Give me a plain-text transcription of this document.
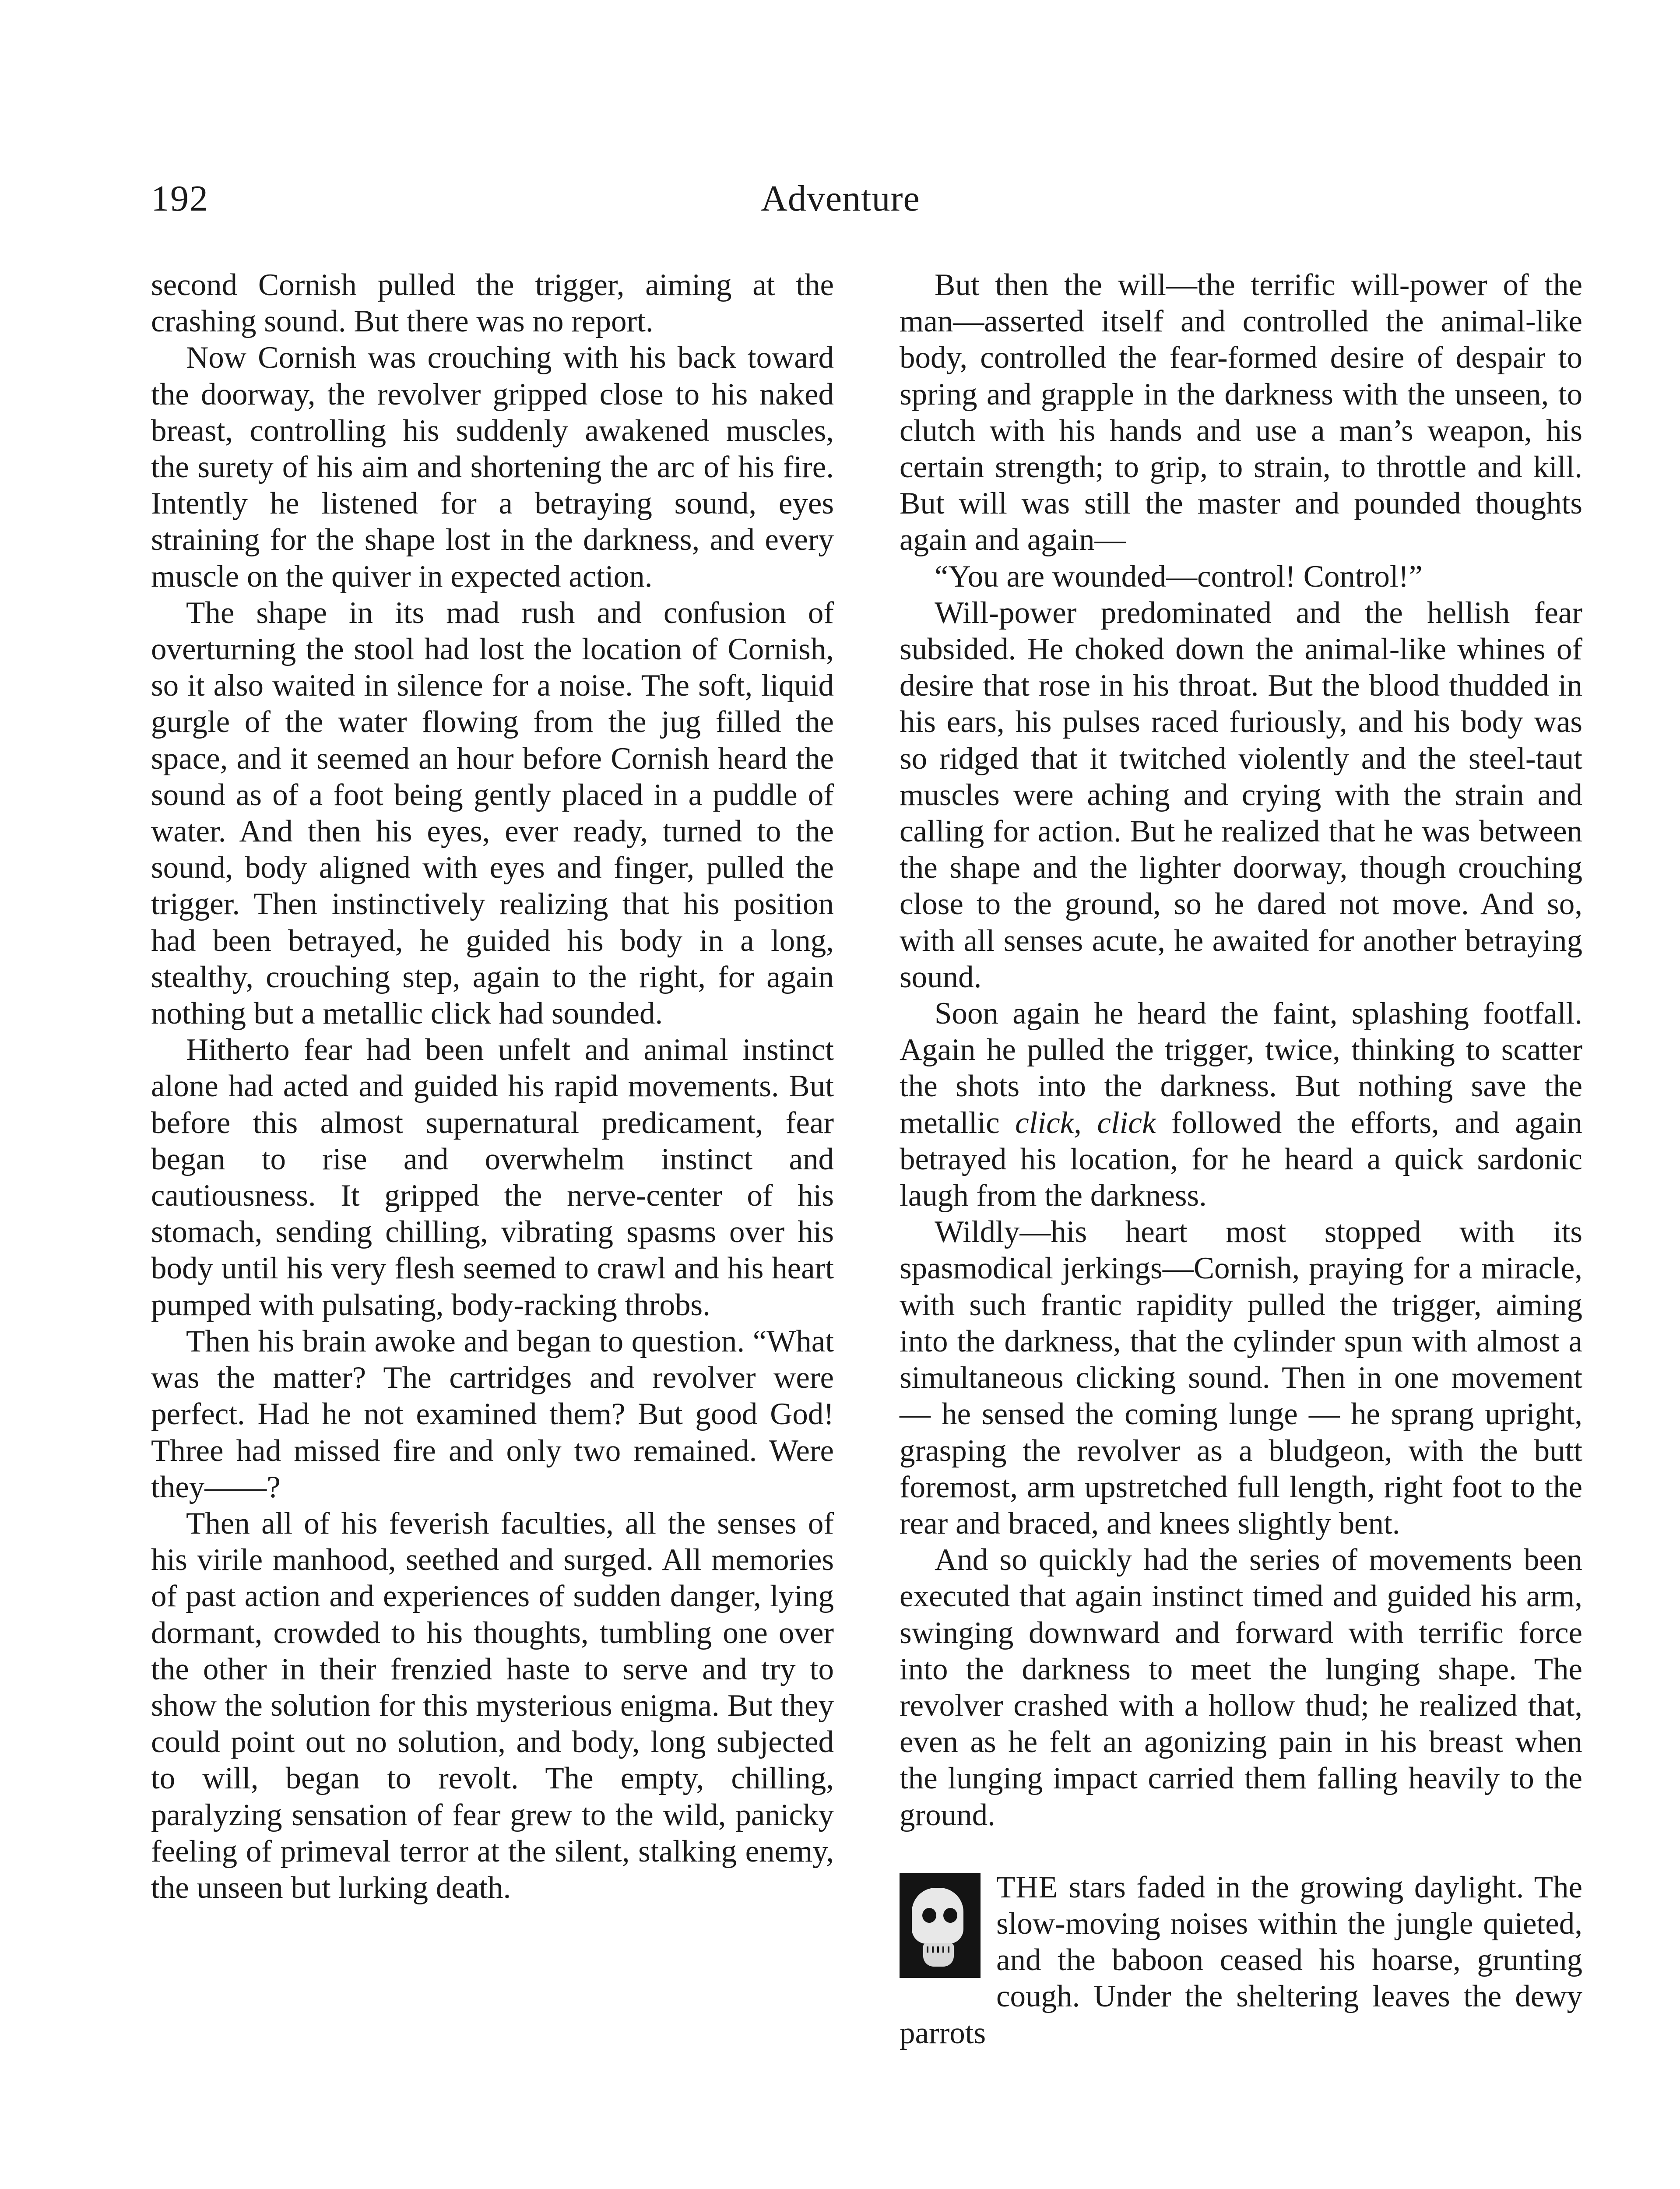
192	Adventure

second Cornish pulled the trigger, aiming at the crashing sound. But there was no report.

Now Cornish was crouching with his back toward the doorway, the revolver gripped close to his naked breast, controlling his suddenly awakened muscles, the surety of his aim and shortening the arc of his fire. Intently he listened for a betraying sound, eyes straining for the shape lost in the darkness, and every muscle on the quiver in expected action.

The shape in its mad rush and confusion of overturning the stool had lost the location of Cornish, so it also waited in silence for a noise. The soft, liquid gurgle of the water flowing from the jug filled the space, and it seemed an hour before Cornish heard the sound as of a foot being gently placed in a puddle of water. And then his eyes, ever ready, turned to the sound, body aligned with eyes and finger, pulled the trigger. Then instinctively realizing that his position had been betrayed, he guided his body in a long, stealthy, crouching step, again to the right, for again nothing but a metallic click had sounded.

Hitherto fear had been unfelt and animal instinct alone had acted and guided his rapid movements. But before this almost supernatural predicament, fear began to rise and overwhelm instinct and cautiousness. It gripped the nerve-center of his stomach, sending chilling, vibrating spasms over his body until his very flesh seemed to crawl and his heart pumped with pulsating, body-racking throbs.

Then his brain awoke and began to question. “What was the matter? The cartridges and revolver were perfect. Had he not examined them? But good God! Three had missed fire and only two remained. Were they——?

Then all of his feverish faculties, all the senses of his virile manhood, seethed and surged. All memories of past action and experiences of sudden danger, lying dormant, crowded to his thoughts, tumbling one over the other in their frenzied haste to serve and try to show the solution for this mysterious enigma. But they could point out no solution, and body, long subjected to will, began to revolt. The empty, chilling, paralyzing sensation of fear grew to the wild, panicky feeling of primeval terror at the silent, stalking enemy, the unseen but lurking death.

But then the will—the terrific will-power of the man—asserted itself and controlled the animal-like body, controlled the fear-formed desire of despair to spring and grapple in the darkness with the unseen, to clutch with his hands and use a man’s weapon, his certain strength; to grip, to strain, to throttle and kill. But will was still the master and pounded thoughts again and again—

“You are wounded—control! Control!”

Will-power predominated and the hellish fear subsided. He choked down the animal-like whines of desire that rose in his throat. But the blood thudded in his ears, his pulses raced furiously, and his body was so ridged that it twitched violently and the steel-taut muscles were aching and crying with the strain and calling for action. But he realized that he was between the shape and the lighter doorway, though crouching close to the ground, so he dared not move. And so, with all senses acute, he awaited for another betraying sound.

Soon again he heard the faint, splashing footfall. Again he pulled the trigger, twice, thinking to scatter the shots into the darkness. But nothing save the metallic click, click followed the efforts, and again betrayed his location, for he heard a quick sardonic laugh from the darkness.

Wildly—his heart most stopped with its spasmodical jerkings—Cornish, praying for a miracle, with such frantic rapidity pulled the trigger, aiming into the darkness, that the cylinder spun with almost a simultaneous clicking sound. Then in one movement — he sensed the coming lunge — he sprang upright, grasping the revolver as a bludgeon, with the butt foremost, arm upstretched full length, right foot to the rear and braced, and knees slightly bent.

And so quickly had the series of movements been executed that again instinct timed and guided his arm, swinging downward and forward with terrific force into the darkness to meet the lunging shape. The revolver crashed with a hollow thud; he realized that, even as he felt an agonizing pain in his breast when the lunging impact carried them falling heavily to the ground.

THE stars faded in the growing daylight. The slow-moving noises within the jungle quieted, and the baboon ceased his hoarse, grunting cough. Under the sheltering leaves the dewy parrots
